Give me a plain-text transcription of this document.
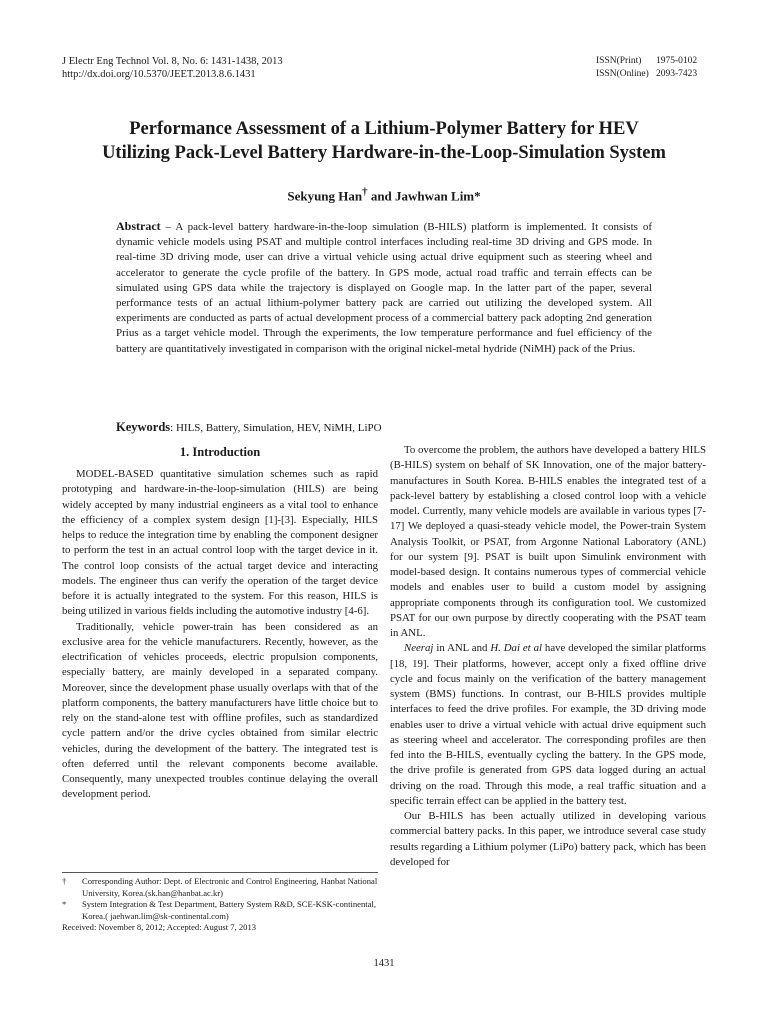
J Electr Eng Technol Vol. 8, No. 6: 1431-1438, 2013
http://dx.doi.org/10.5370/JEET.2013.8.6.1431
ISSN(Print) 1975-0102
ISSN(Online) 2093-7423
Performance Assessment of a Lithium-Polymer Battery for HEV
Utilizing Pack-Level Battery Hardware-in-the-Loop-Simulation System
Sekyung Han† and Jawhwan Lim*
Abstract – A pack-level battery hardware-in-the-loop simulation (B-HILS) platform is implemented. It consists of dynamic vehicle models using PSAT and multiple control interfaces including real-time 3D driving and GPS mode. In real-time 3D driving mode, user can drive a virtual vehicle using actual drive equipment such as steering wheel and accelerator to generate the cycle profile of the battery. In GPS mode, actual road traffic and terrain effects can be simulated using GPS data while the trajectory is displayed on Google map. In the latter part of the paper, several performance tests of an actual lithium-polymer battery pack are carried out utilizing the developed system. All experiments are conducted as parts of actual development process of a commercial battery pack adopting 2nd generation Prius as a target vehicle model. Through the experiments, the low temperature performance and fuel efficiency of the battery are quantitatively investigated in comparison with the original nickel-metal hydride (NiMH) pack of the Prius.
Keywords: HILS, Battery, Simulation, HEV, NiMH, LiPO
1. Introduction

MODEL-BASED quantitative simulation schemes such as rapid prototyping and hardware-in-the-loop-simulation (HILS) are being widely accepted by many industrial engineers as a vital tool to enhance the efficiency of a complex system design [1]-[3]. Especially, HILS helps to reduce the integration time by enabling the component designer to perform the test in an actual control loop with the target device in it. The control loop consists of the actual target device and interacting models. The engineer thus can verify the operation of the target device before it is actually integrated to the system. For this reason, HILS is being utilized in various fields including the automotive industry [4-6].

Traditionally, vehicle power-train has been considered as an exclusive area for the vehicle manufacturers. Recently, however, as the electrification of vehicles proceeds, electric propulsion components, especially battery, are mainly developed in a separated company. Moreover, since the development phase usually overlaps with that of the platform components, the battery manufacturers have little choice but to rely on the stand-alone test with offline profiles, such as standardized cycle pattern and/or the drive cycles obtained from similar electric vehicles, during the development of the battery. The integrated test is often deferred until the relevant components become available. Consequently, many unexpected troubles continue delaying the overall development period.

†	Corresponding Author: Dept. of Electronic and Control Engineering, Hanbat National University, Korea.(sk.han@hanbat.ac.kr)
*	System Integration & Test Department, Battery System R&D, SCE-KSK-continental, Korea.( jaehwan.lim@sk-continental.com)
Received: November 8, 2012; Accepted: August 7, 2013

To overcome the problem, the authors have developed a battery HILS (B-HILS) system on behalf of SK Innovation, one of the major battery-manufactures in South Korea. B-HILS enables the integrated test of a pack-level battery by establishing a closed control loop with a vehicle model. Currently, many vehicle models are available in various types [7-17] We deployed a quasi-steady vehicle model, the Power-train System Analysis Toolkit, or PSAT, from Argonne National Laboratory (ANL) for our system [9]. PSAT is built upon Simulink environment with model-based design. It contains numerous types of commercial vehicle models and enables user to build a custom model by assigning appropriate components through its configuration tool. We customized PSAT for our own purpose by directly cooperating with the PSAT team in ANL.

Neeraj in ANL and H. Dai et al have developed the similar platforms [18, 19]. Their platforms, however, accept only a fixed offline drive cycle and focus mainly on the verification of the battery management system (BMS) functions. In contrast, our B-HILS provides multiple interfaces to feed the drive profiles. For example, the 3D driving mode enables user to drive a virtual vehicle with actual drive equipment such as steering wheel and accelerator. The corresponding profiles are then fed into the B-HILS, eventually cycling the battery. In the GPS mode, the drive profile is generated from GPS data logged during an actual driving on the road. Through this mode, a real traffic situation and a specific terrain effect can be applied in the battery test.

Our B-HILS has been actually utilized in developing various commercial battery packs. In this paper, we introduce several case study results regarding a Lithium polymer (LiPo) battery pack, which has been developed for

1431
